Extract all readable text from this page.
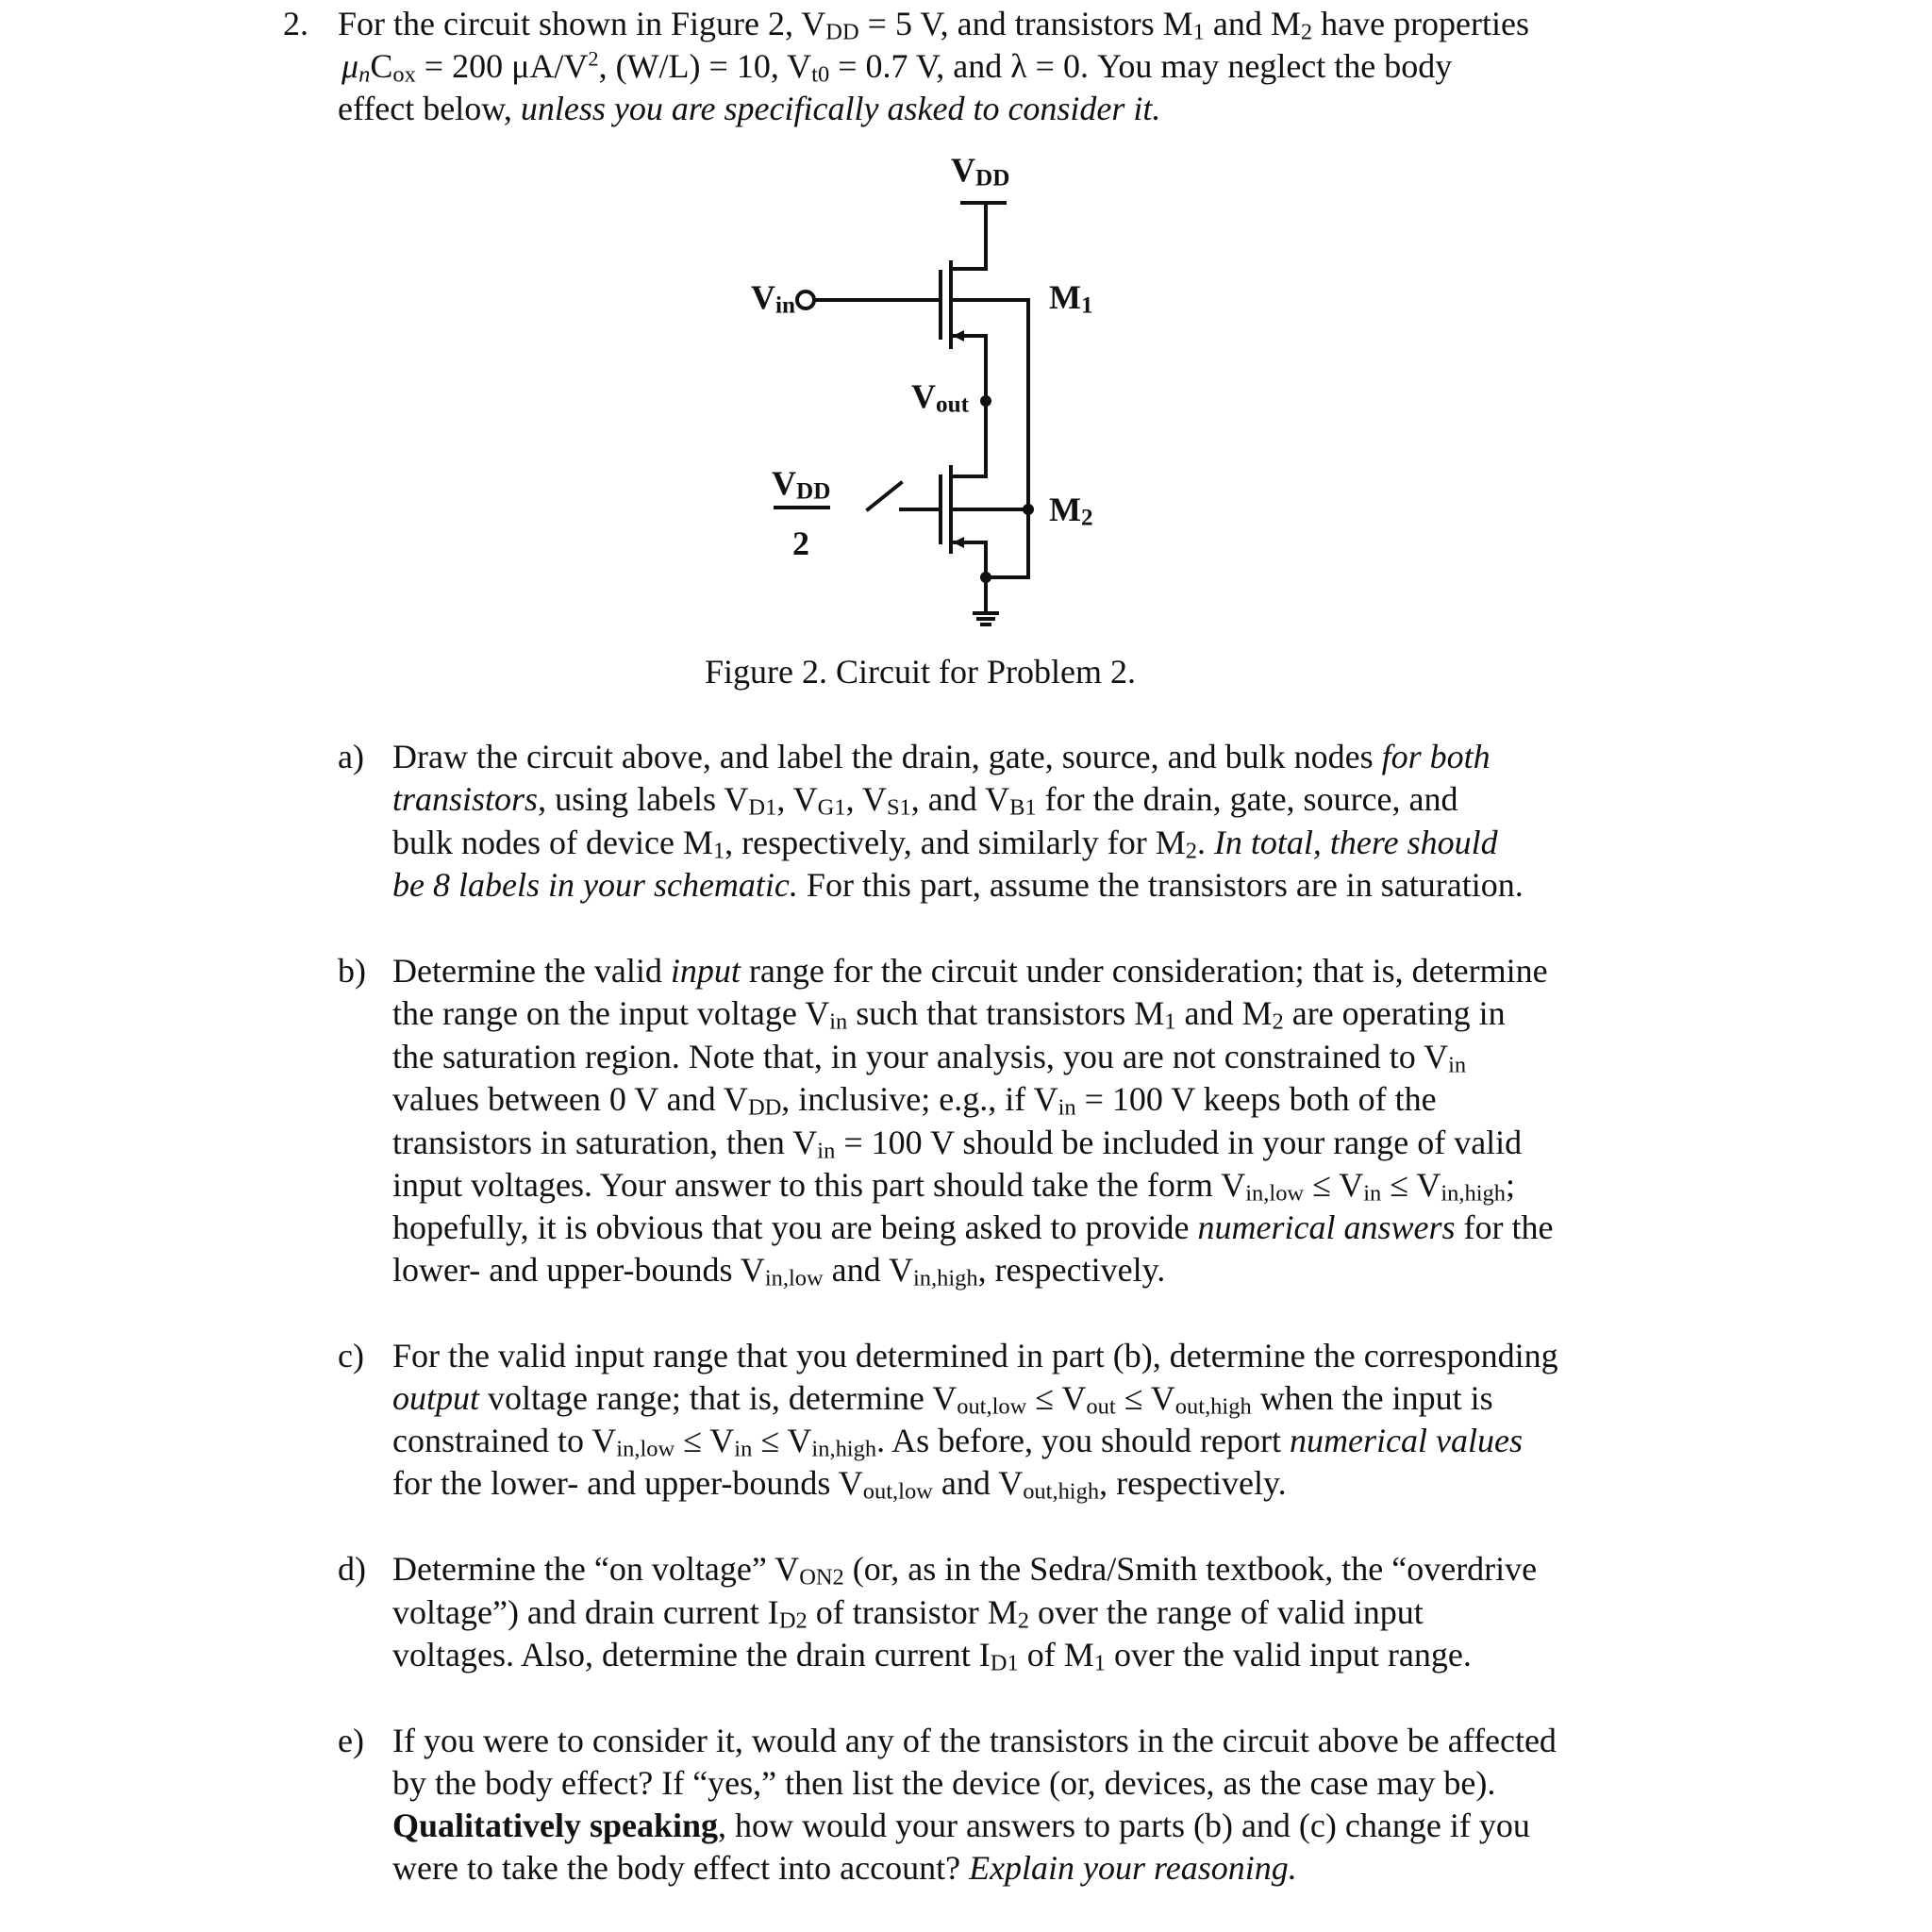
2. For the circuit shown in Figure 2, $V_{DD} = 5$ V, and transistors $M_1$ and $M_2$ have properties
$\mu_nC_{ox} = 200$ $\mu A/V^2$, (W/L) = 10, $V_{t0} = 0.7$ V, and λ = 0. You may neglect the body
effect below, unless you are specifically asked to consider it.
$V_{DD}$
$V_{in}$	$M_1$
$V_{out}$
$V_{DD}$
2
$M_2$
Figure 2. Circuit for Problem 2.
a) Draw the circuit above, and label the drain, gate, source, and bulk nodes for both
transistors, using labels $V_{D1}$, $V_{G1}$, $V_{S1}$, and $V_{B1}$ for the drain, gate, source, and
bulk nodes of device $M_1$, respectively, and similarly for $M_2$. In total, there should
be 8 labels in your schematic. For this part, assume the transistors are in saturation.
b) Determine the valid input range for the circuit under consideration; that is, determine
the range on the input voltage $V_{in}$ such that transistors $M_1$ and $M_2$ are operating in
the saturation region. Note that, in your analysis, you are not constrained to $V_{in}$
values between 0 V and $V_{DD}$, inclusive; e.g., if $V_{in} = 100$ V keeps both of the
transistors in saturation, then $V_{in} = 100$ V should be included in your range of valid
input voltages. Your answer to this part should take the form $V_{in,low} \le V_{in} \le V_{in,high}$;
hopefully, it is obvious that you are being asked to provide numerical answers for the
lower- and upper-bounds $V_{in,low}$ and $V_{in,high}$, respectively.
c) For the valid input range that you determined in part (b), determine the corresponding
output voltage range; that is, determine $V_{out,low} \le V_{out} \le V_{out,high}$ when the input is
constrained to $V_{in,low} \le V_{in} \le V_{in,high}$. As before, you should report numerical values
for the lower- and upper-bounds $V_{out,low}$ and $V_{out,high}$, respectively.
d) Determine the “on voltage” $V_{ON2}$ (or, as in the Sedra/Smith textbook, the “overdrive
voltage”) and drain current $I_{D2}$ of transistor $M_2$ over the range of valid input
voltages. Also, determine the drain current $I_{D1}$ of $M_1$ over the valid input range.
e) If you were to consider it, would any of the transistors in the circuit above be affected
by the body effect? If “yes,” then list the device (or, devices, as the case may be).
Qualitatively speaking, how would your answers to parts (b) and (c) change if you
were to take the body effect into account? Explain your reasoning.
